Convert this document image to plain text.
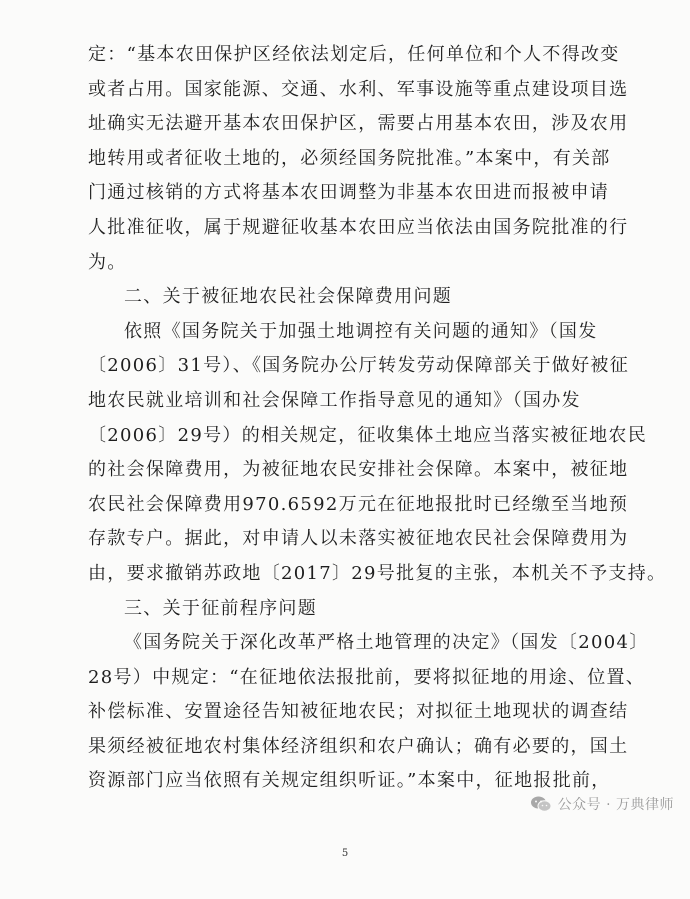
定：“基本农田保护区经依法划定后，任何单位和个人不得改变
或者占用。国家能源、交通、水利、军事设施等重点建设项目选
址确实无法避开基本农田保护区，需要占用基本农田，涉及农用
地转用或者征收土地的，必须经国务院批准。”本案中，有关部
门通过核销的方式将基本农田调整为非基本农田进而报被申请
人批准征收，属于规避征收基本农田应当依法由国务院批准的行
为。
二、关于被征地农民社会保障费用问题
依照《国务院关于加强土地调控有关问题的通知》（国发
〔2006〕31号）、《国务院办公厅转发劳动保障部关于做好被征
地农民就业培训和社会保障工作指导意见的通知》（国办发
〔2006〕29号）的相关规定，征收集体土地应当落实被征地农民
的社会保障费用，为被征地农民安排社会保障。本案中，被征地
农民社会保障费用970.6592万元在征地报批时已经缴至当地预
存款专户。据此，对申请人以未落实被征地农民社会保障费用为
由，要求撤销苏政地〔2017〕29号批复的主张，本机关不予支持。
三、关于征前程序问题
《国务院关于深化改革严格土地管理的决定》（国发〔2004〕
28号）中规定：“在征地依法报批前，要将拟征地的用途、位置、
补偿标准、安置途径告知被征地农民；对拟征土地现状的调查结
果须经被征地农村集体经济组织和农户确认；确有必要的，国土
资源部门应当依照有关规定组织听证。”本案中，征地报批前，
公众号 · 万典律师
5
